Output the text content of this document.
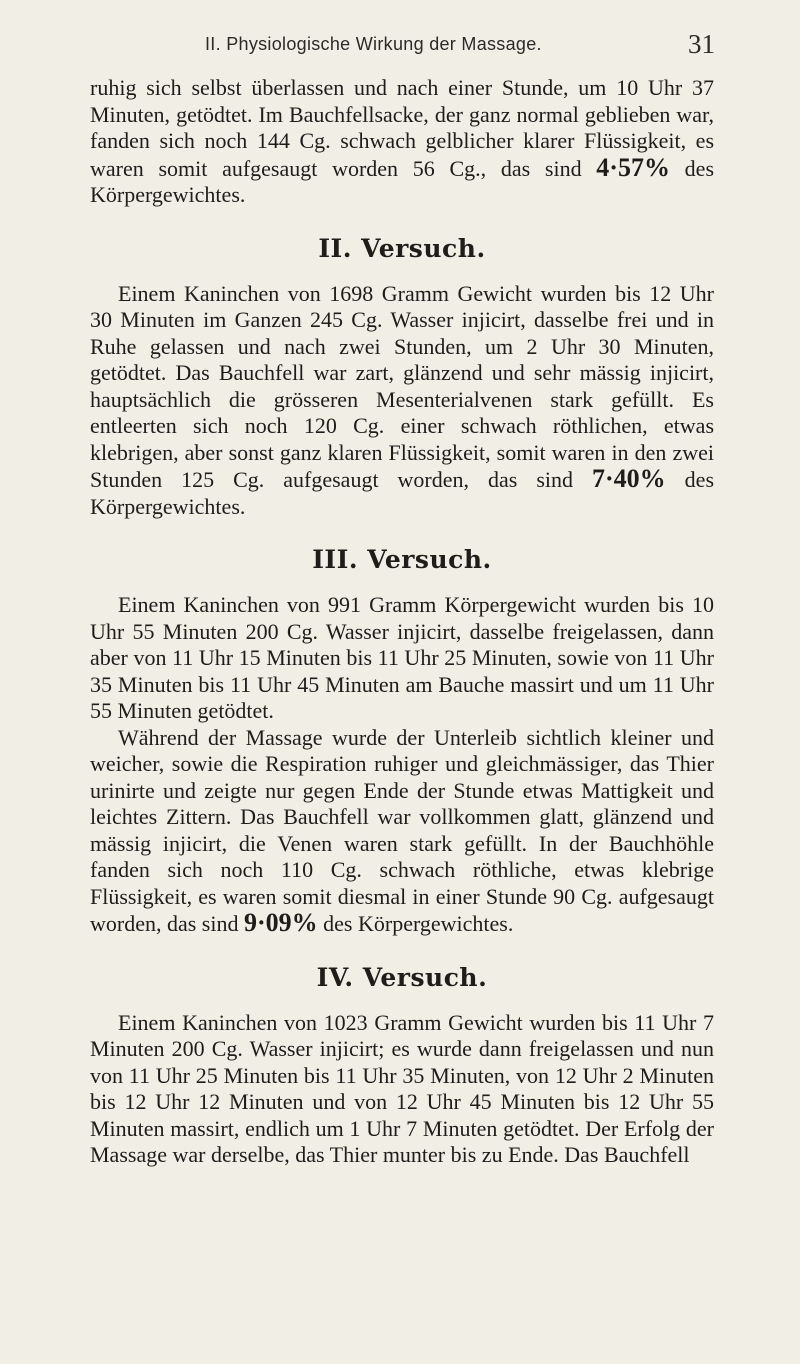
II. Physiologische Wirkung der Massage.	31

ruhig sich selbst überlassen und nach einer Stunde, um 10 Uhr 37 Minuten, getödtet. Im Bauchfellsacke, der ganz normal geblieben war, fanden sich noch 144 Cg. schwach gelblicher klarer Flüssigkeit, es waren somit aufgesaugt worden 56 Cg., das sind 4·57% des Körpergewichtes.

II. Versuch.

Einem Kaninchen von 1698 Gramm Gewicht wurden bis 12 Uhr 30 Minuten im Ganzen 245 Cg. Wasser injicirt, dasselbe frei und in Ruhe gelassen und nach zwei Stunden, um 2 Uhr 30 Minuten, getödtet. Das Bauchfell war zart, glänzend und sehr mässig injicirt, hauptsächlich die grösseren Mesenterialvenen stark gefüllt. Es entleerten sich noch 120 Cg. einer schwach röthlichen, etwas klebrigen, aber sonst ganz klaren Flüssigkeit, somit waren in den zwei Stunden 125 Cg. aufgesaugt worden, das sind 7·40% des Körpergewichtes.

III. Versuch.

Einem Kaninchen von 991 Gramm Körpergewicht wurden bis 10 Uhr 55 Minuten 200 Cg. Wasser injicirt, dasselbe freigelassen, dann aber von 11 Uhr 15 Minuten bis 11 Uhr 25 Minuten, sowie von 11 Uhr 35 Minuten bis 11 Uhr 45 Minuten am Bauche massirt und um 11 Uhr 55 Minuten getödtet.

Während der Massage wurde der Unterleib sichtlich kleiner und weicher, sowie die Respiration ruhiger und gleichmässiger, das Thier urinirte und zeigte nur gegen Ende der Stunde etwas Mattigkeit und leichtes Zittern. Das Bauchfell war vollkommen glatt, glänzend und mässig injicirt, die Venen waren stark gefüllt. In der Bauchhöhle fanden sich noch 110 Cg. schwach röthliche, etwas klebrige Flüssigkeit, es waren somit diesmal in einer Stunde 90 Cg. aufgesaugt worden, das sind 9·09% des Körpergewichtes.

IV. Versuch.

Einem Kaninchen von 1023 Gramm Gewicht wurden bis 11 Uhr 7 Minuten 200 Cg. Wasser injicirt; es wurde dann freigelassen und nun von 11 Uhr 25 Minuten bis 11 Uhr 35 Minuten, von 12 Uhr 2 Minuten bis 12 Uhr 12 Minuten und von 12 Uhr 45 Minuten bis 12 Uhr 55 Minuten massirt, endlich um 1 Uhr 7 Minuten getödtet. Der Erfolg der Massage war derselbe, das Thier munter bis zu Ende. Das Bauchfell
